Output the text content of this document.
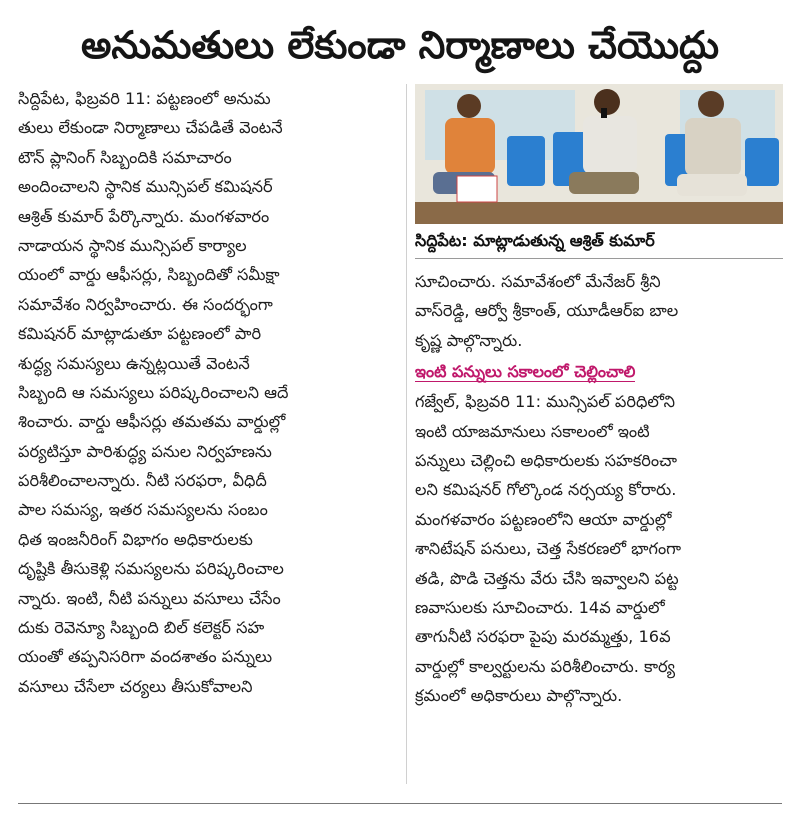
అనుమతులు లేకుండా నిర్మాణాలు చేయొద్దు
సిద్దిపేట, ఫిబ్రవరి 11: పట్టణంలో అనుమ
తులు లేకుండా నిర్మాణాలు చేపడితే వెంటనే
టౌన్ ప్లానింగ్ సిబ్బందికి సమాచారం
అందించాలని స్థానిక మున్సిపల్ కమిషనర్
ఆశ్రిత్ కుమార్ పేర్కొన్నారు. మంగళవారం
నాడాయన స్థానిక మున్సిపల్ కార్యాల
యంలో వార్డు ఆఫీసర్లు, సిబ్బందితో సమీక్షా
సమావేశం నిర్వహించారు. ఈ సందర్భంగా
కమిషనర్ మాట్లాడుతూ పట్టణంలో పారి
శుద్ధ్య సమస్యలు ఉన్నట్లయితే వెంటనే
సిబ్బంది ఆ సమస్యలు పరిష్కరించాలని ఆదే
శించారు. వార్డు ఆఫీసర్లు తమతమ వార్డుల్లో
పర్యటిస్తూ పారిశుద్ధ్య పనుల నిర్వహణను
పరిశీలించాలన్నారు. నీటి సరఫరా, వీధిదీ
పాల సమస్య, ఇతర సమస్యలను సంబం
ధిత ఇంజనీరింగ్ విభాగం అధికారులకు
దృష్టికి తీసుకెళ్లి సమస్యలను పరిష్కరించాల
న్నారు. ఇంటి, నీటి పన్నులు వసూలు చేసేం
దుకు రెవెన్యూ సిబ్బంది బిల్ కలెక్టర్ సహ
యంతో తప్పనిసరిగా వందశాతం పన్నులు
వసూలు చేసేలా చర్యలు తీసుకోవాలని
సిద్దిపేట: మాట్లాడుతున్న ఆశ్రిత్ కుమార్
సూచించారు. సమావేశంలో మేనేజర్ శ్రీని
వాస్‌రెడ్డి, ఆర్వో శ్రీకాంత్, యూడీఆర్ఐ బాల
కృష్ణ పాల్గొన్నారు.
ఇంటి పన్నులు సకాలంలో చెల్లించాలి
గజ్వేల్, ఫిబ్రవరి 11: మున్సిపల్ పరిధిలోని
ఇంటి యాజమానులు సకాలంలో ఇంటి
పన్నులు చెల్లించి అధికారులకు సహకరించా
లని కమిషనర్ గోల్కొండ నర్సయ్య కోరారు.
మంగళవారం పట్టణంలోని ఆయా వార్డుల్లో
శానిటేషన్ పనులు, చెత్త సేకరణలో భాగంగా
తడి, పొడి చెత్తను వేరు చేసి ఇవ్వాలని పట్ట
ణవాసులకు సూచించారు. 14వ వార్డులో
తాగునీటి సరఫరా పైపు మరమ్మత్తు, 16వ
వార్డుల్లో కాల్వర్టులను పరిశీలించారు. కార్య
క్రమంలో అధికారులు పాల్గొన్నారు.
